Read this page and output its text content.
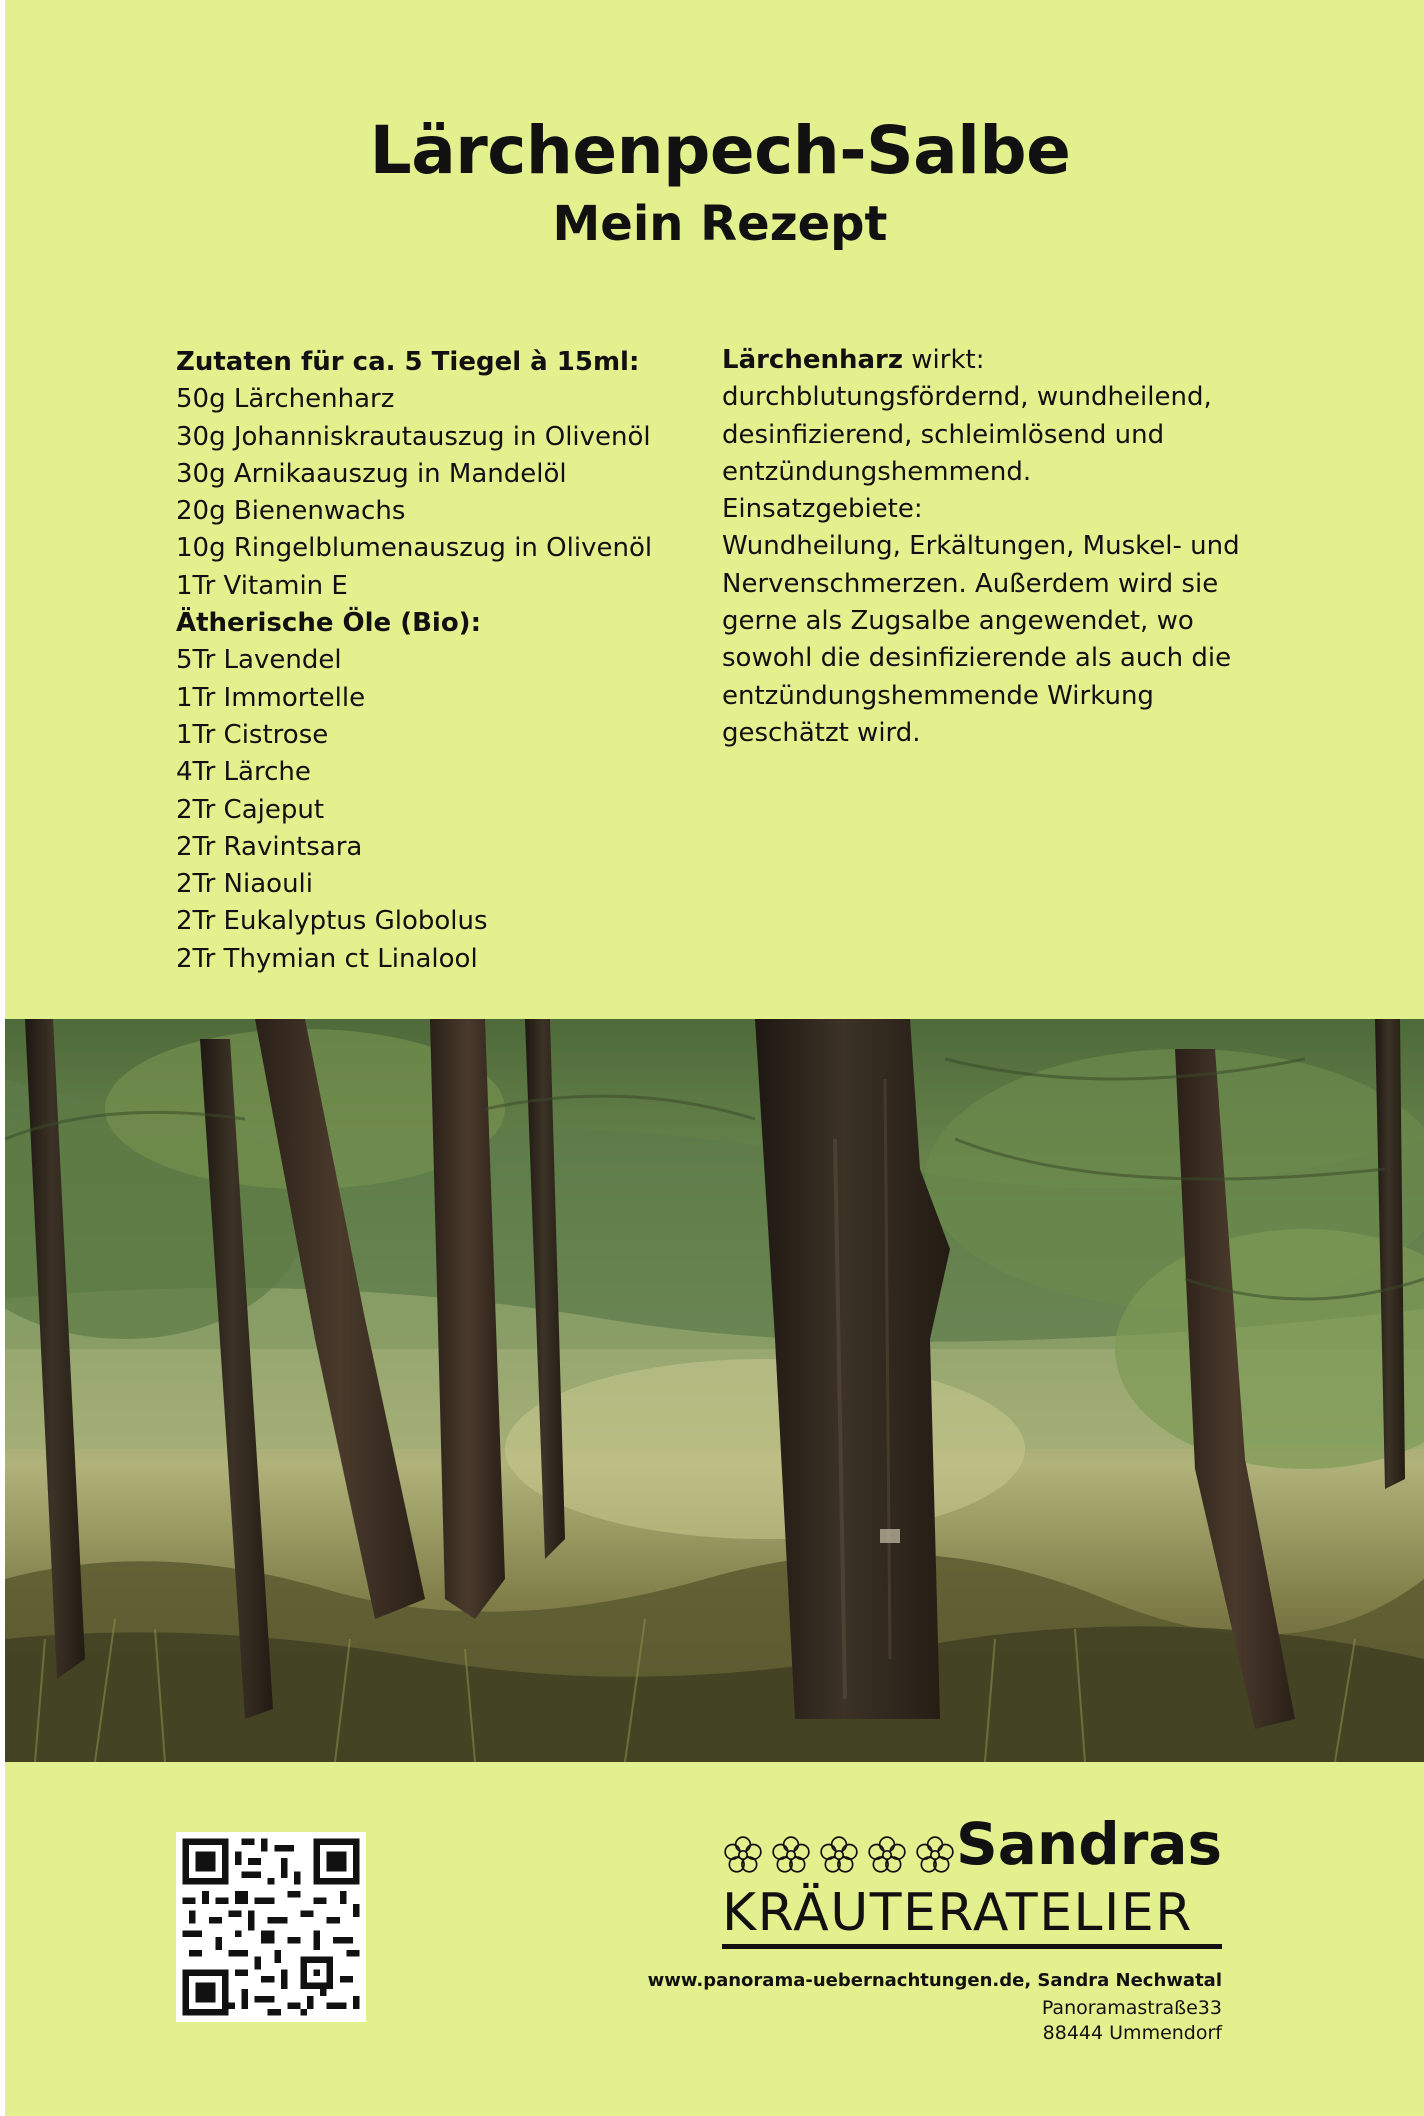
Lärchenpech-Salbe
Mein Rezept
Zutaten für ca. 5 Tiegel à 15ml:
50g Lärchenharz
30g Johanniskrautauszug in Olivenöl
30g Arnikaauszug in Mandelöl
20g Bienenwachs
10g Ringelblumenauszug in Olivenöl
1Tr Vitamin E
Ätherische Öle (Bio):
5Tr Lavendel
1Tr Immortelle
1Tr Cistrose
4Tr Lärche
2Tr Cajeput
2Tr Ravintsara
2Tr Niaouli
2Tr Eukalyptus Globolus
2Tr Thymian ct Linalool
Lärchenharz wirkt:
durchblutungsfördernd, wundheilend,
desinfizierend, schleimlösend und
entzündungshemmend.
Einsatzgebiete:
Wundheilung, Erkältungen, Muskel- und
Nervenschmerzen. Außerdem wird sie
gerne als Zugsalbe angewendet, wo
sowohl die desinfizierende als auch die
entzündungshemmende Wirkung
geschätzt wird.
Sandras
KRÄUTERATELIER
www.panorama-uebernachtungen.de, Sandra Nechwatal
Panoramastraße33
88444 Ummendorf
